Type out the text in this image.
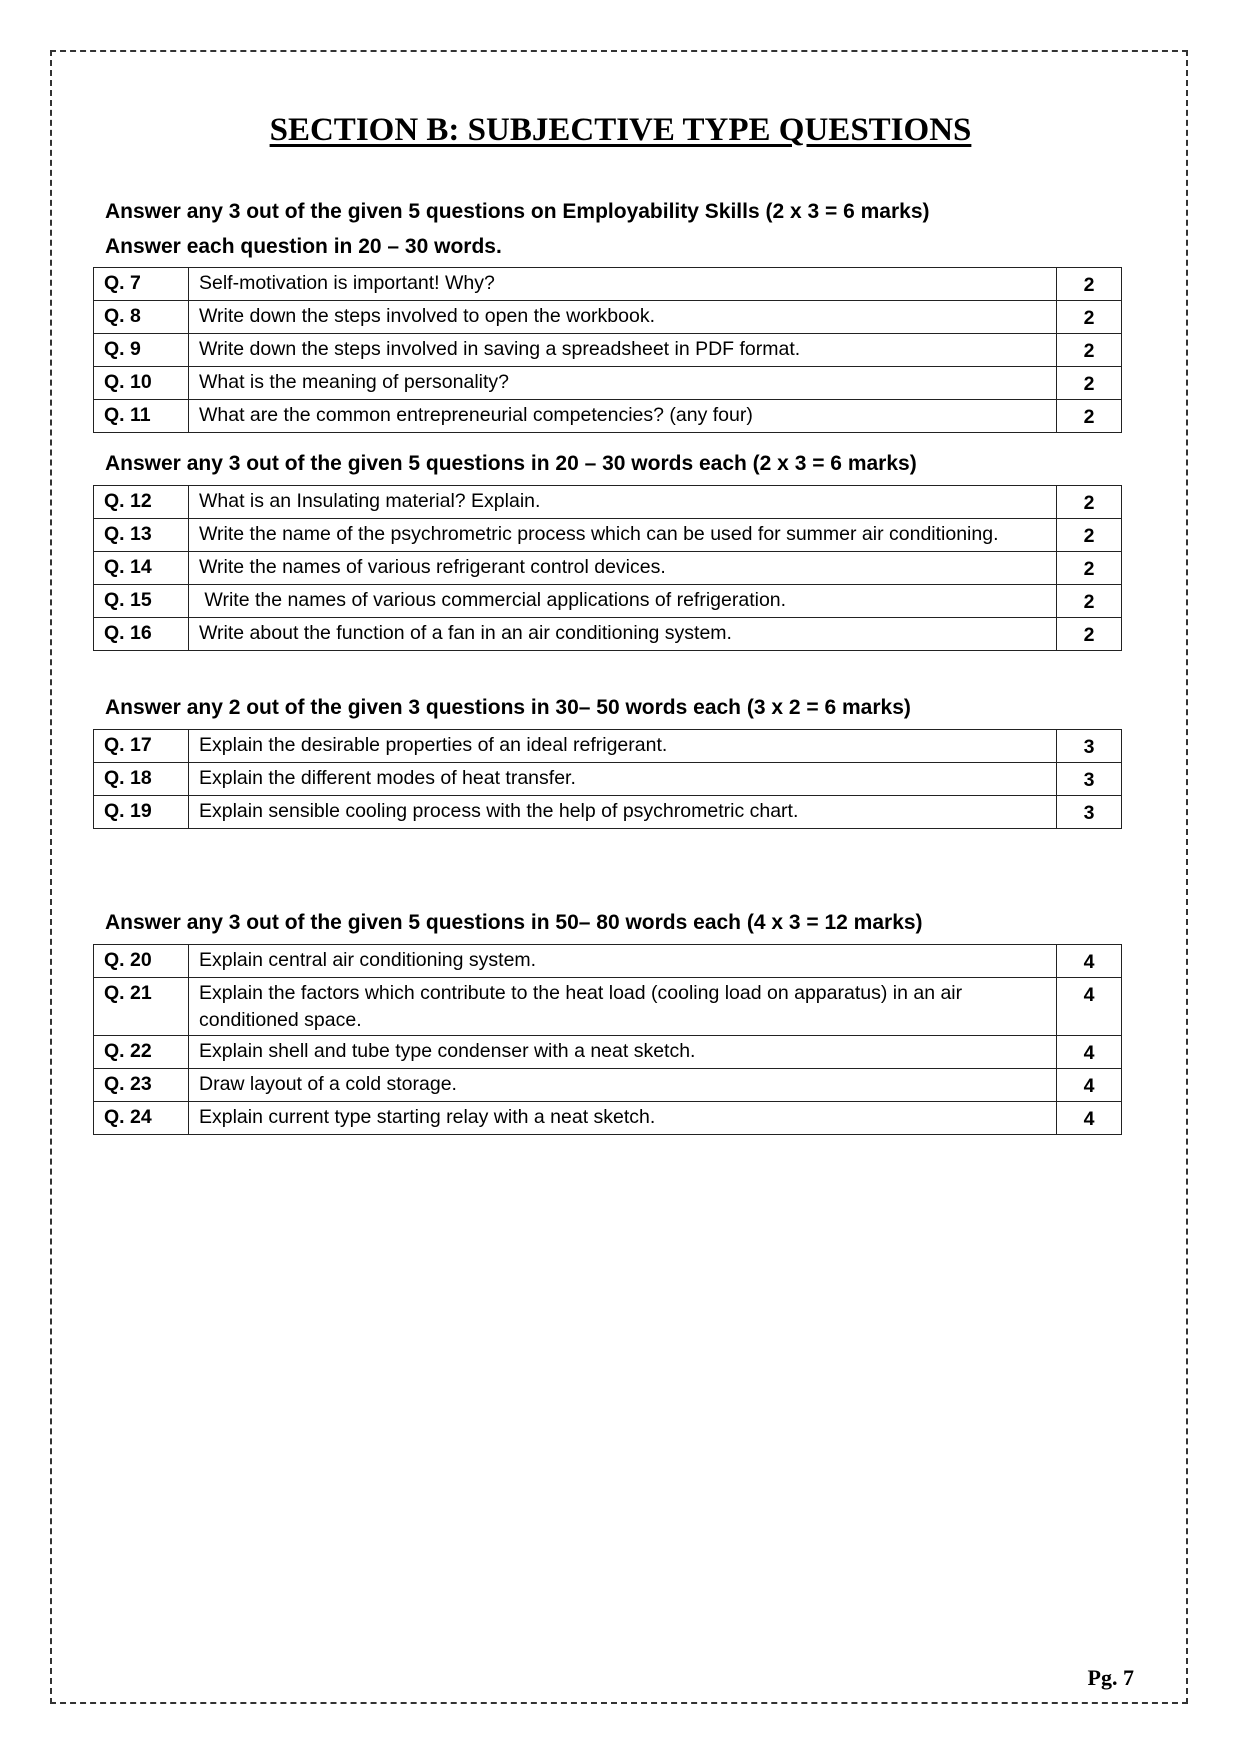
SECTION B: SUBJECTIVE TYPE QUESTIONS
Answer any 3 out of the given 5 questions on Employability Skills (2 x 3 = 6 marks)
Answer each question in 20 – 30 words.
Q. 7	Self-motivation is important! Why?	2
Q. 8	Write down the steps involved to open the workbook.	2
Q. 9	Write down the steps involved in saving a spreadsheet in PDF format.	2
Q. 10	What is the meaning of personality?	2
Q. 11	What are the common entrepreneurial competencies? (any four)	2
Answer any 3 out of the given 5 questions in 20 – 30 words each (2 x 3 = 6 marks)
Q. 12	What is an Insulating material? Explain.	2
Q. 13	Write the name of the psychrometric process which can be used for summer air conditioning.	2
Q. 14	Write the names of various refrigerant control devices.	2
Q. 15	Write the names of various commercial applications of refrigeration.	2
Q. 16	Write about the function of a fan in an air conditioning system.	2
Answer any 2 out of the given 3 questions in 30– 50 words each (3 x 2 = 6 marks)
Q. 17	Explain the desirable properties of an ideal refrigerant.	3
Q. 18	Explain the different modes of heat transfer.	3
Q. 19	Explain sensible cooling process with the help of psychrometric chart.	3
Answer any 3 out of the given 5 questions in 50– 80 words each (4 x 3 = 12 marks)
Q. 20	Explain central air conditioning system.	4
Q. 21	Explain the factors which contribute to the heat load (cooling load on apparatus) in an air conditioned space.	4
Q. 22	Explain shell and tube type condenser with a neat sketch.	4
Q. 23	Draw layout of a cold storage.	4
Q. 24	Explain current type starting relay with a neat sketch.	4
Pg. 7
